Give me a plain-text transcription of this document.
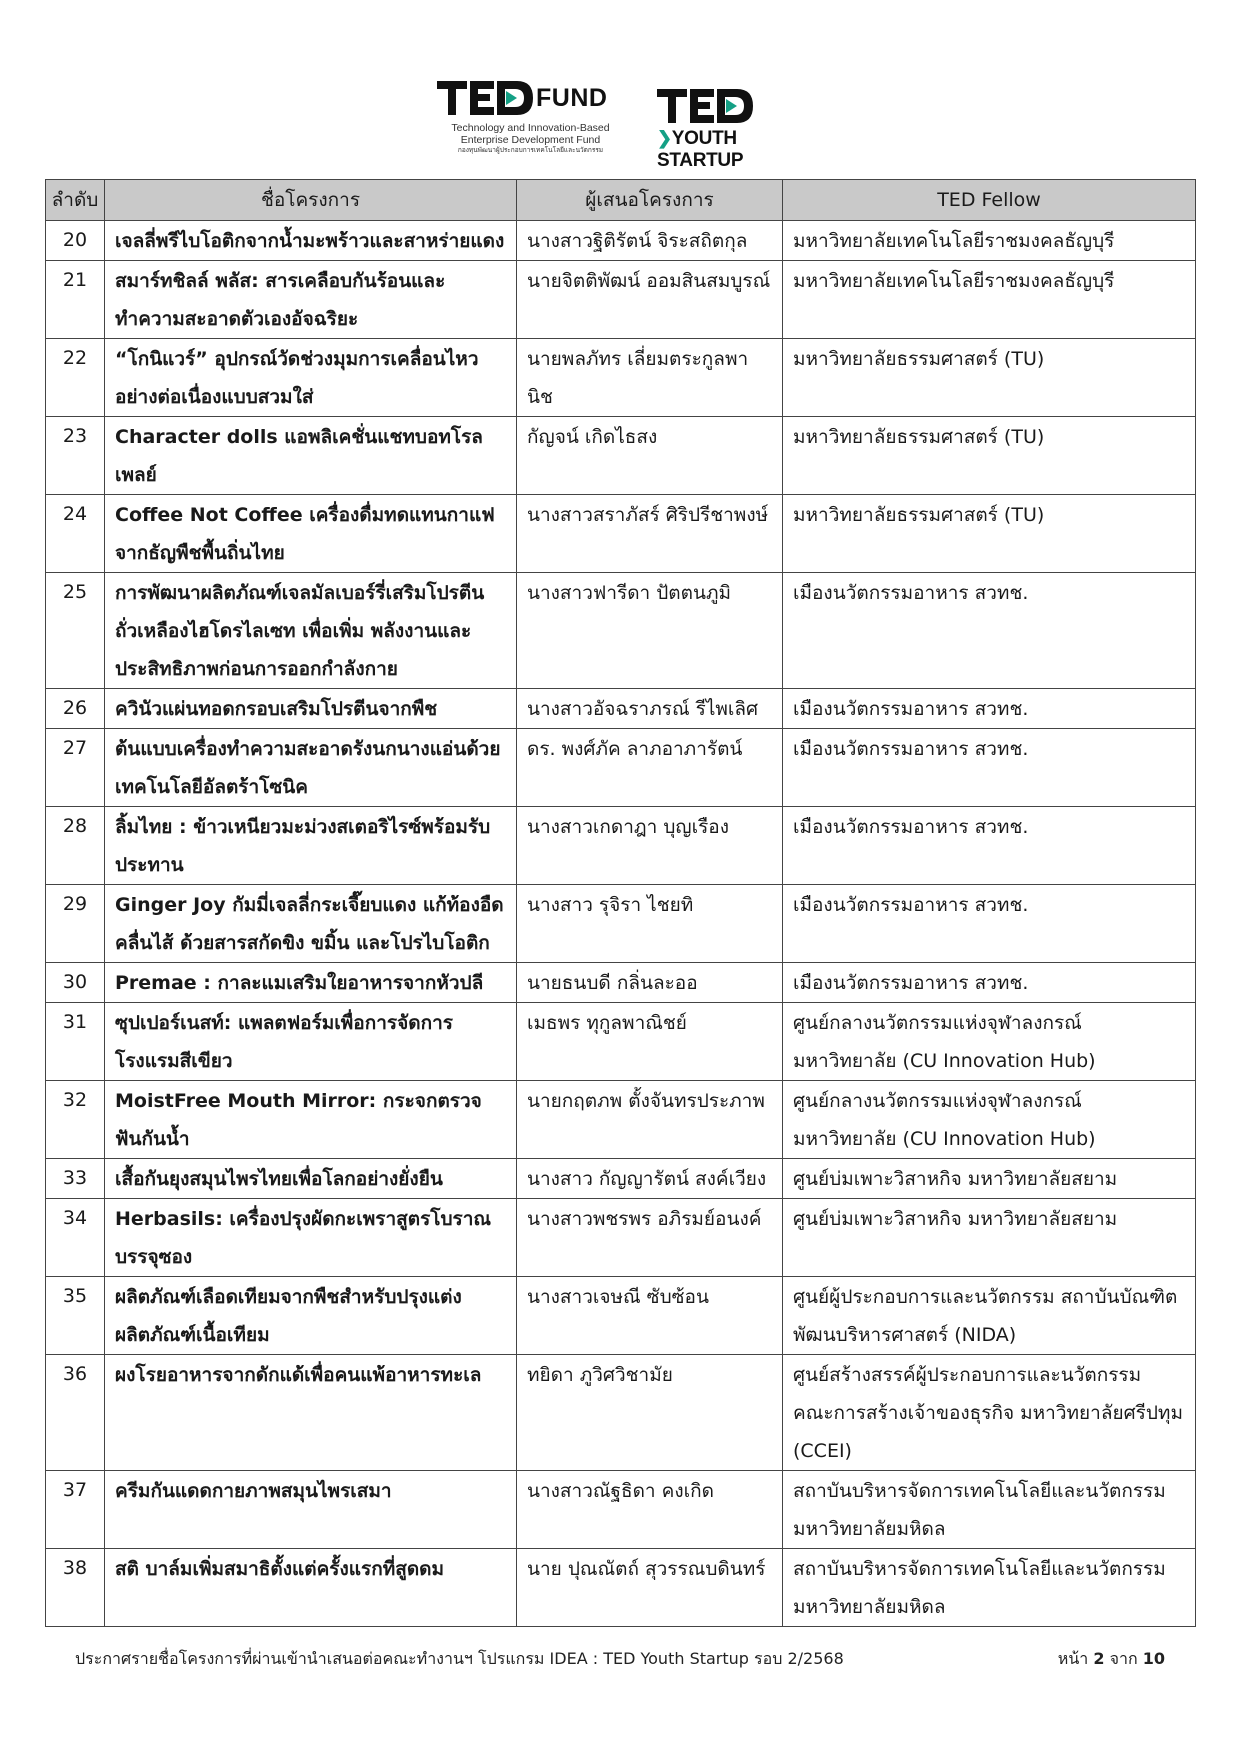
FUND
Technology and Innovation-Based
Enterprise Development Fund
กองทุนพัฒนาผู้ประกอบการเทคโนโลยีและนวัตกรรม
❯YOUTH STARTUP
ลำดับ	ชื่อโครงการ	ผู้เสนอโครงการ	TED Fellow
20	เจลลี่พรีไบโอติกจากน้ำมะพร้าวและสาหร่ายแดง	นางสาวฐิติรัตน์ จิระสถิตกุล	มหาวิทยาลัยเทคโนโลยีราชมงคลธัญบุรี
21	สมาร์ทชิลล์ พลัส: สารเคลือบกันร้อนและทำความสะอาดตัวเองอัจฉริยะ	นายจิตติพัฒน์ ออมสินสมบูรณ์	มหาวิทยาลัยเทคโนโลยีราชมงคลธัญบุรี
22	“โกนิแวร์” อุปกรณ์วัดช่วงมุมการเคลื่อนไหวอย่างต่อเนื่องแบบสวมใส่	นายพลภัทร เลี่ยมตระกูลพานิช	มหาวิทยาลัยธรรมศาสตร์ (TU)
23	Character dolls แอพลิเคชั่นแชทบอทโรลเพลย์	กัญจน์ เกิดไธสง	มหาวิทยาลัยธรรมศาสตร์ (TU)
24	Coffee Not Coffee เครื่องดื่มทดแทนกาแฟจากธัญพืชพื้นถิ่นไทย	นางสาวสราภัสร์ ศิริปรีชาพงษ์	มหาวิทยาลัยธรรมศาสตร์ (TU)
25	การพัฒนาผลิตภัณฑ์เจลมัลเบอร์รี่เสริมโปรตีนถั่วเหลืองไฮโดรไลเซท เพื่อเพิ่ม พลังงานและประสิทธิภาพก่อนการออกกำลังกาย	นางสาวฟารีดา ปัตตนภูมิ	เมืองนวัตกรรมอาหาร สวทช.
26	ควินัวแผ่นทอดกรอบเสริมโปรตีนจากพืช	นางสาวอัจฉราภรณ์ รีไพเลิศ	เมืองนวัตกรรมอาหาร สวทช.
27	ต้นแบบเครื่องทำความสะอาดรังนกนางแอ่นด้วยเทคโนโลยีอัลตร้าโซนิค	ดร. พงศ์ภัค ลาภอาภารัตน์	เมืองนวัตกรรมอาหาร สวทช.
28	ลิ้มไทย : ข้าวเหนียวมะม่วงสเตอริไรซ์พร้อมรับประทาน	นางสาวเกดาฎา บุญเรือง	เมืองนวัตกรรมอาหาร สวทช.
29	Ginger Joy กัมมี่เจลลี่กระเจี๊ยบแดง แก้ท้องอืด คลื่นไส้ ด้วยสารสกัดขิง ขมิ้น และโปรไบโอติก	นางสาว รุจิรา ไชยทิ	เมืองนวัตกรรมอาหาร สวทช.
30	Premae : กาละแมเสริมใยอาหารจากหัวปลี	นายธนบดี กลิ่นละออ	เมืองนวัตกรรมอาหาร สวทช.
31	ซุปเปอร์เนสท์: แพลตฟอร์มเพื่อการจัดการโรงแรมสีเขียว	เมธพร ทุกูลพาณิชย์	ศูนย์กลางนวัตกรรมแห่งจุฬาลงกรณ์มหาวิทยาลัย (CU Innovation Hub)
32	MoistFree Mouth Mirror: กระจกตรวจฟันกันน้ำ	นายกฤตภพ ตั้งจันทรประภาพ	ศูนย์กลางนวัตกรรมแห่งจุฬาลงกรณ์มหาวิทยาลัย (CU Innovation Hub)
33	เสื้อกันยุงสมุนไพรไทยเพื่อโลกอย่างยั่งยืน	นางสาว กัญญารัตน์ สงค์เวียง	ศูนย์บ่มเพาะวิสาหกิจ มหาวิทยาลัยสยาม
34	Herbasils: เครื่องปรุงผัดกะเพราสูตรโบราณบรรจุซอง	นางสาวพชรพร อภิรมย์อนงค์	ศูนย์บ่มเพาะวิสาหกิจ มหาวิทยาลัยสยาม
35	ผลิตภัณฑ์เลือดเทียมจากพืชสำหรับปรุงแต่งผลิตภัณฑ์เนื้อเทียม	นางสาวเจษณี ซับซ้อน	ศูนย์ผู้ประกอบการและนวัตกรรม สถาบันบัณฑิตพัฒนบริหารศาสตร์ (NIDA)
36	ผงโรยอาหารจากดักแด้เพื่อคนแพ้อาหารทะเล	ทยิดา ภูวิศวิชามัย	ศูนย์สร้างสรรค์ผู้ประกอบการและนวัตกรรม คณะการสร้างเจ้าของธุรกิจ มหาวิทยาลัยศรีปทุม (CCEI)
37	ครีมกันแดดกายภาพสมุนไพรเสมา	นางสาวณัฐธิดา คงเกิด	สถาบันบริหารจัดการเทคโนโลยีและนวัตกรรม มหาวิทยาลัยมหิดล
38	สติ บาล์มเพิ่มสมาธิตั้งแต่ครั้งแรกที่สูดดม	นาย ปุณณัตถ์ สุวรรณบดินทร์	สถาบันบริหารจัดการเทคโนโลยีและนวัตกรรม มหาวิทยาลัยมหิดล
ประกาศรายชื่อโครงการที่ผ่านเข้านำเสนอต่อคณะทำงานฯ โปรแกรม IDEA : TED Youth Startup รอบ 2/2568	หน้า 2 จาก 10
